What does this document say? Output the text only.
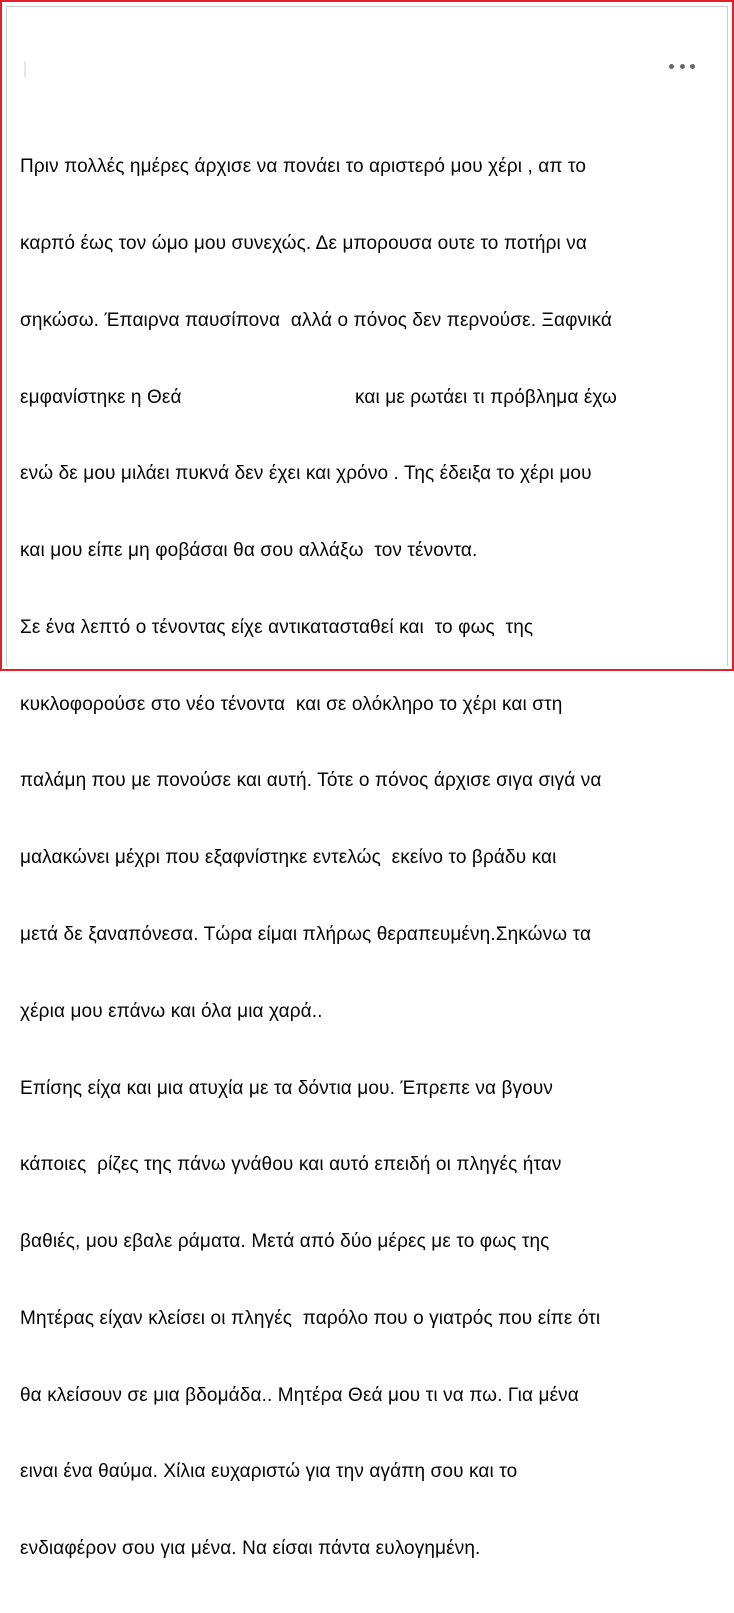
Πριν πολλές ημέρες άρχισε να πονάει το αριστερό μου χέρι , απ το

καρπό έως τον ώμο μου συνεχώς. Δε μπορουσα ουτε το ποτήρι να

σηκώσω. Έπαιρνα παυσίπονα  αλλά ο πόνος δεν περνούσε. Ξαφνικά

εμφανίστηκε η Θεά	και με ρωτάει τι πρόβλημα έχω

ενώ δε μου μιλάει πυκνά δεν έχει και χρόνο . Της έδειξα το χέρι μου

και μου είπε μη φοβάσαι θα σου αλλάξω  τον τένοντα.

Σε ένα λεπτό ο τένοντας είχε αντικατασταθεί και  το φως  της

κυκλοφορούσε στο νέο τένοντα  και σε ολόκληρο το χέρι και στη

παλάμη που με πονούσε και αυτή. Τότε ο πόνος άρχισε σιγα σιγά να

μαλακώνει μέχρι που εξαφνίστηκε εντελώς  εκείνο το βράδυ και

μετά δε ξαναπόνεσα. Τώρα είμαι πλήρως θεραπευμένη.Σηκώνω τα

χέρια μου επάνω και όλα μια χαρά..

Επίσης είχα και μια ατυχία με τα δόντια μου. Έπρεπε να βγουν

κάποιες  ρίζες της πάνω γνάθου και αυτό επειδή οι πληγές ήταν

βαθιές, μου εβαλε ράματα. Μετά από δύο μέρες με το φως της

Μητέρας είχαν κλείσει οι πληγές  παρόλο που ο γιατρός που είπε ότι

θα κλείσουν σε μια βδομάδα.. Μητέρα Θεά μου τι να πω. Για μένα

ειναι ένα θαύμα. Χίλια ευχαριστώ για την αγάπη σου και το

ενδιαφέρον σου για μένα. Να είσαι πάντα ευλογημένη.
